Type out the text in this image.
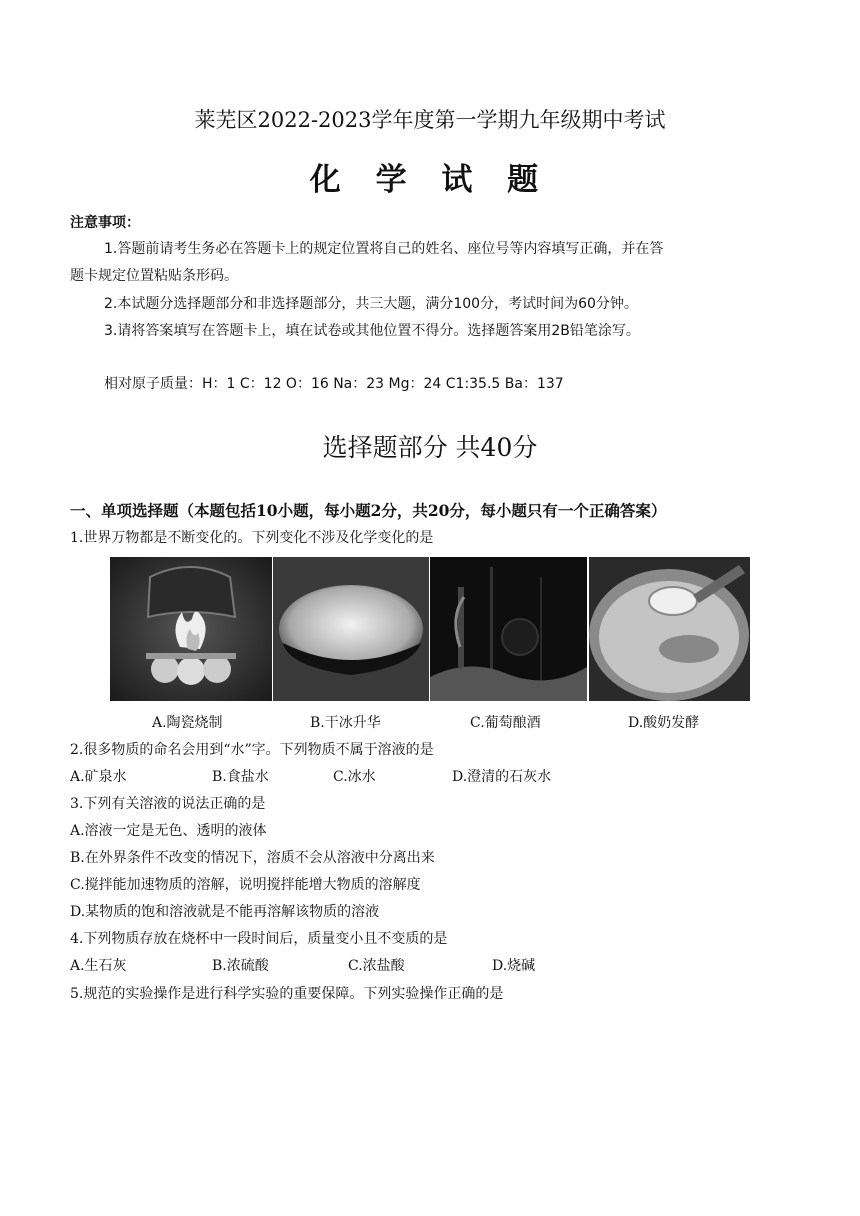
莱芜区2022-2023学年度第一学期九年级期中考试
化 学 试 题
注意事项：
1.答题前请考生务必在答题卡上的规定位置将自己的姓名、座位号等内容填写正确，并在答
题卡规定位置粘贴条形码。
2.本试题分选择题部分和非选择题部分，共三大题，满分100分，考试时间为60分钟。
3.请将答案填写在答题卡上，填在试卷或其他位置不得分。选择题答案用2B铅笔涂写。
相对原子质量：H：1 C：12 O：16 Na：23 Mg：24 C1:35.5 Ba：137
选择题部分 共40分
一、单项选择题（本题包括10小题，每小题2分，共20分，每小题只有一个正确答案）
1.世界万物都是不断变化的。下列变化不涉及化学变化的是
A.陶瓷烧制	B.干冰升华	C.葡萄酿酒	D.酸奶发酵
2.很多物质的命名会用到“水”字。下列物质不属于溶液的是
A.矿泉水	B.食盐水	C.冰水	D.澄清的石灰水
3.下列有关溶液的说法正确的是
A.溶液一定是无色、透明的液体
B.在外界条件不改变的情况下，溶质不会从溶液中分离出来
C.搅拌能加速物质的溶解，说明搅拌能增大物质的溶解度
D.某物质的饱和溶液就是不能再溶解该物质的溶液
4.下列物质存放在烧杯中一段时间后，质量变小且不变质的是
A.生石灰	B.浓硫酸	C.浓盐酸	D.烧碱
5.规范的实验操作是进行科学实验的重要保障。下列实验操作正确的是
